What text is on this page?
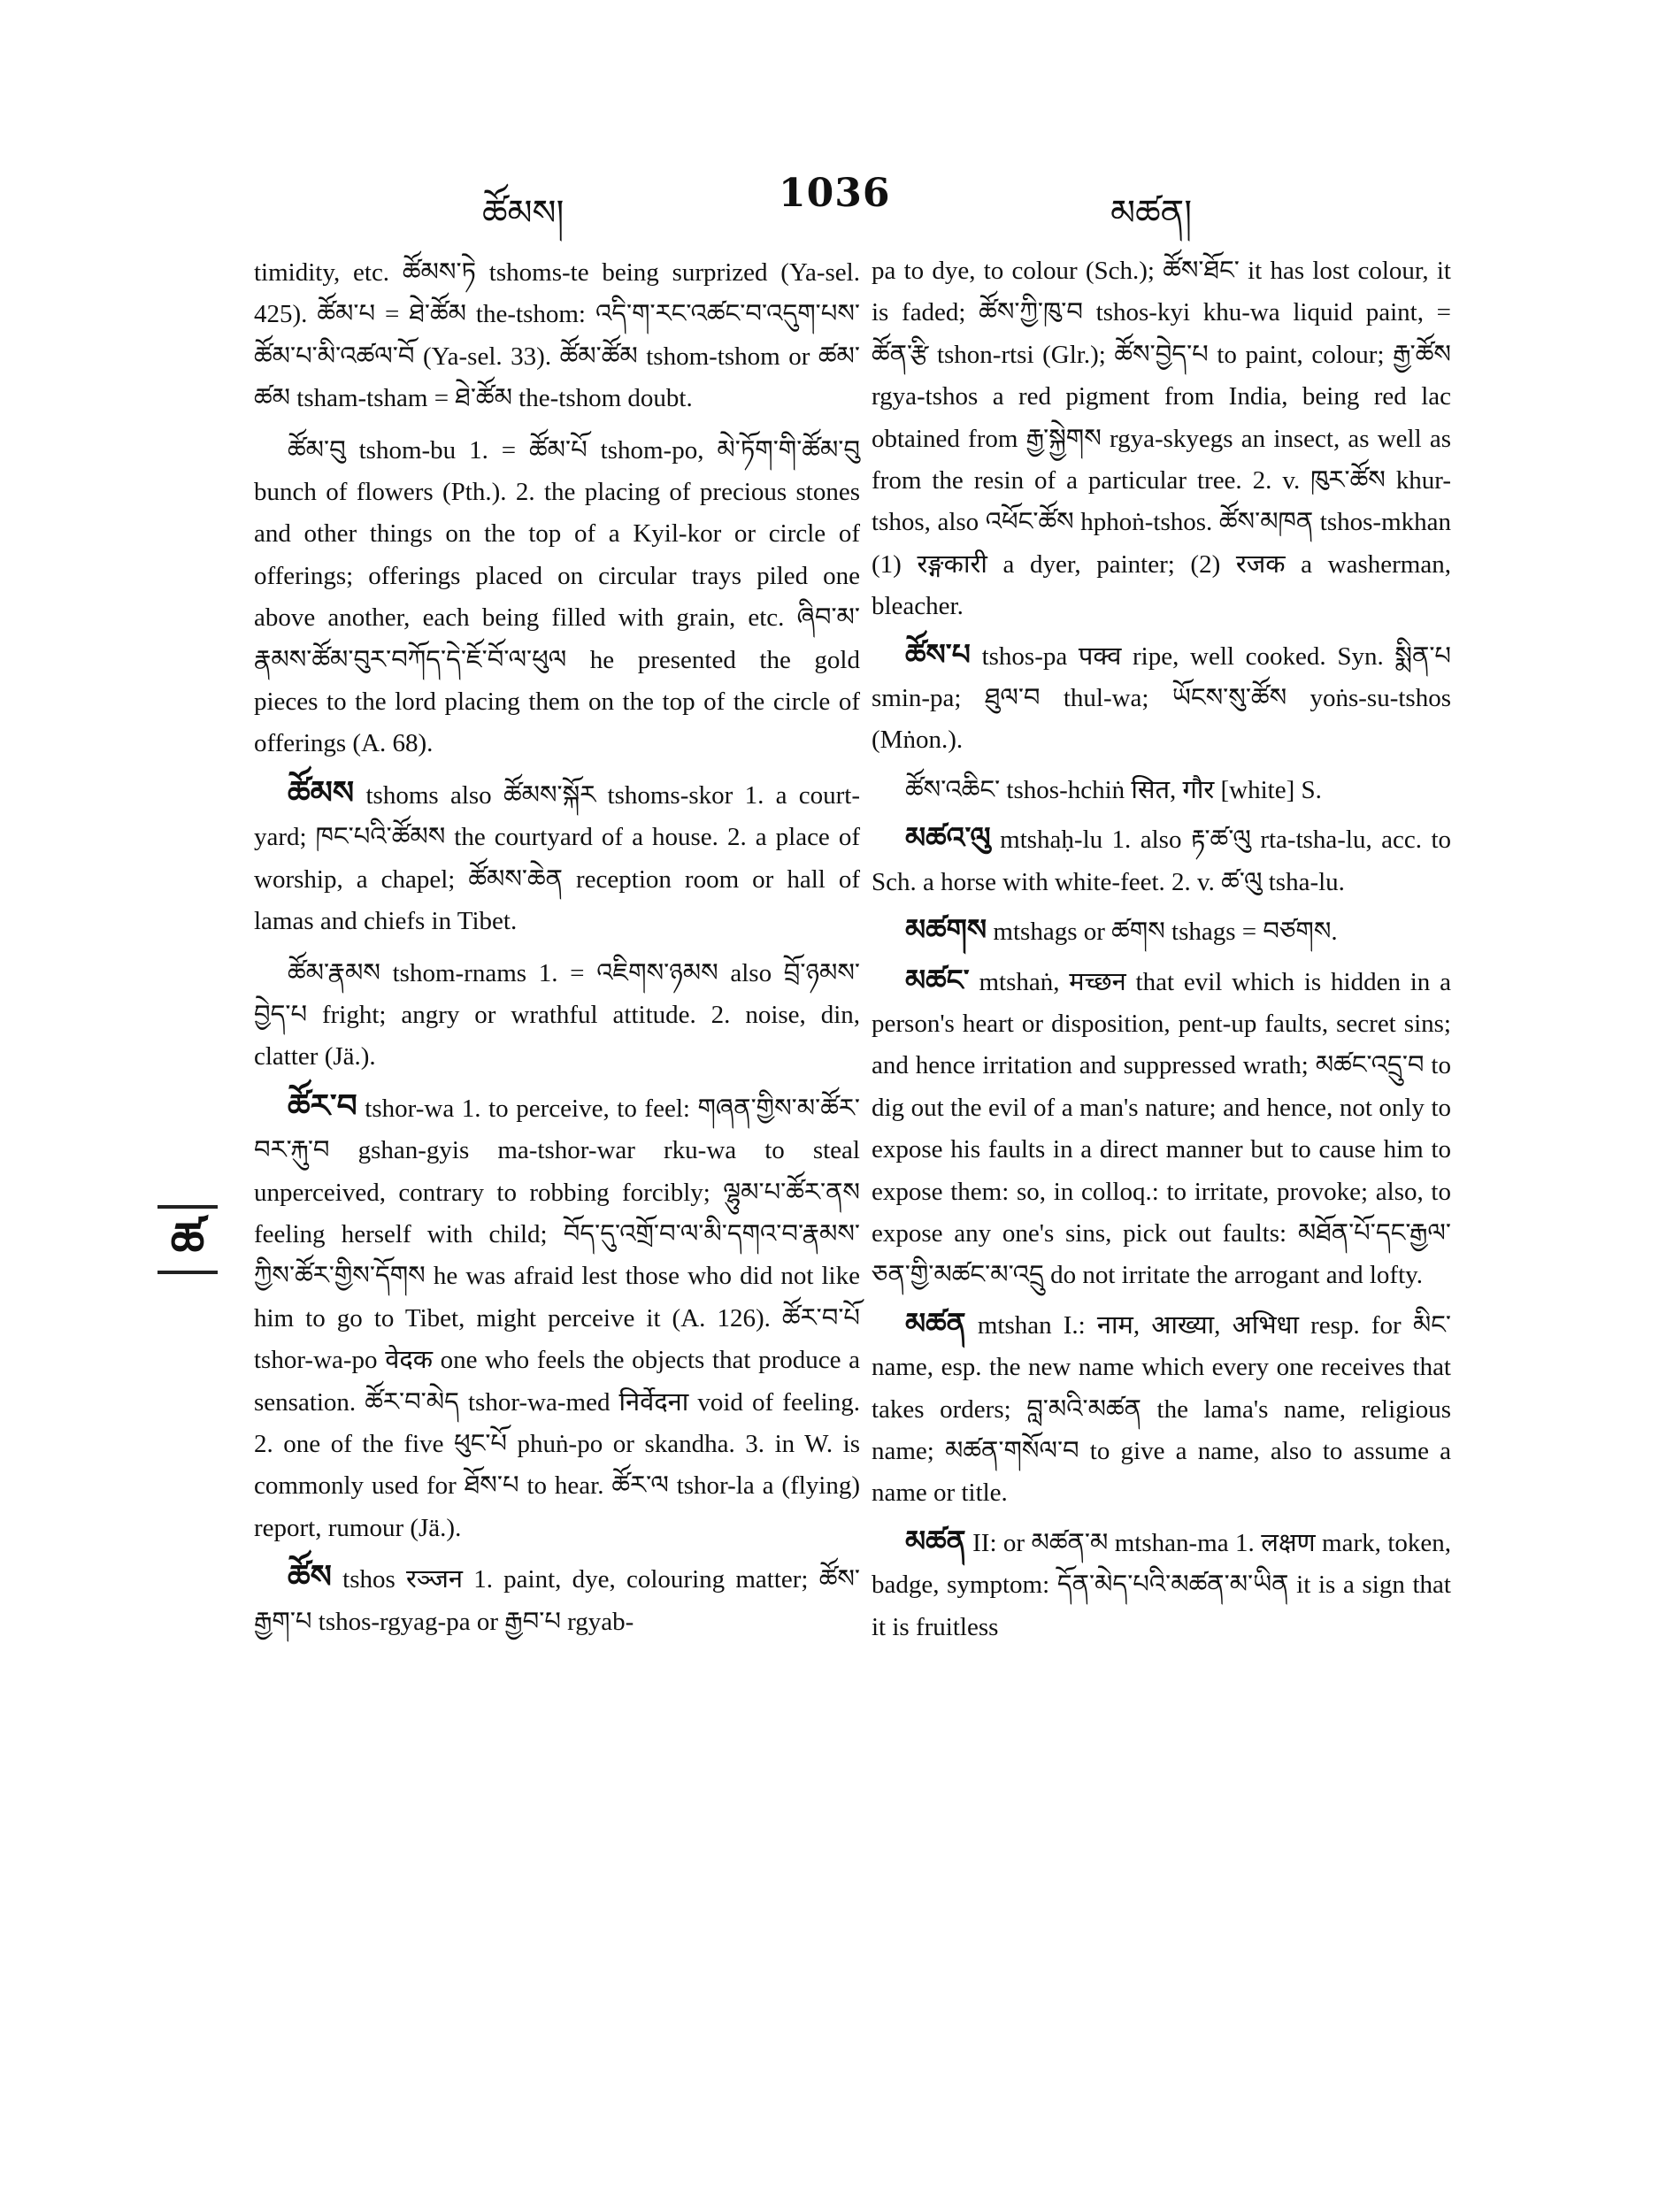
ཚོམས།	1036	མཚན།
ཚ

timidity, etc. ཚོམས་ཏེ tshoms-te being surprized (Ya-sel. 425). ཚོམ་པ = ཐེ་ཚོམ the-tshom: འདི་ག་རང་འཚང་བ་འདུག་པས་ཚོམ་པ་མི་འཚལ་བོ (Ya-sel. 33). ཚོམ་ཚོམ tshom-tshom or ཚམ་ཚམ tsham-tsham = ཐེ་ཚོམ the-tshom doubt.

ཚོམ་བུ tshom-bu 1. = ཚོམ་པོ tshom-po, མེ་ཏོག་གི་ཚོམ་བུ bunch of flowers (Pth.). 2. the placing of precious stones and other things on the top of a Kyil-kor or circle of offerings; offerings placed on circular trays piled one above another, each being filled with grain, etc. ཞིབ་མ་རྣམས་ཚོམ་བུར་བཀོད་དེ་ཇོ་བོ་ལ་ཕུལ he presented the gold pieces to the lord placing them on the top of the circle of offerings (A. 68).

ཚོམས tshoms also ཚོམས་སྐོར tshoms-skor 1. a court-yard; ཁང་པའི་ཚོམས the courtyard of a house. 2. a place of worship, a chapel; ཚོམས་ཆེན reception room or hall of lamas and chiefs in Tibet.

ཚོམ་རྣམས tshom-rnams 1. = འཇིགས་ཉམས also བྲོ་ཉམས་བྱེད་པ fright; angry or wrathful attitude. 2. noise, din, clatter (Jä.).

ཚོར་བ tshor-wa 1. to perceive, to feel: གཞན་གྱིས་མ་ཚོར་བར་རྐུ་བ gshan-gyis ma-tshor-war rku-wa to steal unperceived, contrary to robbing forcibly; ལྷུམ་པ་ཚོར་ནས feeling herself with child; བོད་དུ་འགྲོ་བ་ལ་མི་དགའ་བ་རྣམས་ཀྱིས་ཚོར་གྱིས་དོགས he was afraid lest those who did not like him to go to Tibet, might perceive it (A. 126). ཚོར་བ་པོ tshor-wa-po वेदक one who feels the objects that produce a sensation. ཚོར་བ་མེད tshor-wa-med निर्वेदना void of feeling. 2. one of the five ཕུང་པོ phuṅ-po or skandha. 3. in W. is commonly used for ཐོས་པ to hear. ཚོར་ལ tshor-la a (flying) report, rumour (Jä.).

ཚོས tshos रञ्जन 1. paint, dye, colouring matter; ཚོས་རྒྱག་པ tshos-rgyag-pa or རྒྱབ་པ rgyab-

pa to dye, to colour (Sch.); ཚོས་ཐོང་ it has lost colour, it is faded; ཚོས་ཀྱི་ཁུ་བ tshos-kyi khu-wa liquid paint, = ཚོན་རྩི tshon-rtsi (Glr.); ཚོས་བྱེད་པ to paint, colour; རྒྱ་ཚོས rgya-tshos a red pigment from India, being red lac obtained from རྒྱ་སྐྱེགས rgya-skyegs an insect, as well as from the resin of a particular tree. 2. v. ཁུར་ཚོས khur-tshos, also འཕོང་ཚོས hphoṅ-tshos. ཚོས་མཁན tshos-mkhan (1) रङ्गकारी a dyer, painter; (2) रजक a washerman, bleacher.

ཚོས་པ tshos-pa पक्व ripe, well cooked. Syn. སྨིན་པ smin-pa; ཐུལ་བ thul-wa; ཡོངས་སུ་ཚོས yoṅs-su-tshos (Mṅon.).

ཚོས་འཆིང་ tshos-hchiṅ सित, गौर [white] S.

མཚའ་ལུ mtshaḥ-lu 1. also རྟ་ཚ་ལུ rta-tsha-lu, acc. to Sch. a horse with white-feet. 2. v. ཚ་ལུ tsha-lu.

མཚགས mtshags or ཚགས tshags = བཙགས.

མཚང་ mtshaṅ, मच्छन that evil which is hidden in a person's heart or disposition, pent-up faults, secret sins; and hence irritation and suppressed wrath; མཚང་འདྲུ་བ to dig out the evil of a man's nature; and hence, not only to expose his faults in a direct manner but to cause him to expose them: so, in colloq.: to irritate, provoke; also, to expose any one's sins, pick out faults: མཐོན་པོ་དང་རྒྱལ་ཅན་གྱི་མཚང་མ་འདྲུ do not irritate the arrogant and lofty.

མཚན mtshan I.: नाम, आख्या, अभिधा resp. for མིང་ name, esp. the new name which every one receives that takes orders; བླ་མའི་མཚན the lama's name, religious name; མཚན་གསོལ་བ to give a name, also to assume a name or title.

མཚན II: or མཚན་མ mtshan-ma 1. लक्षण mark, token, badge, symptom: དོན་མེད་པའི་མཚན་མ་ཡིན it is a sign that it is fruitless
